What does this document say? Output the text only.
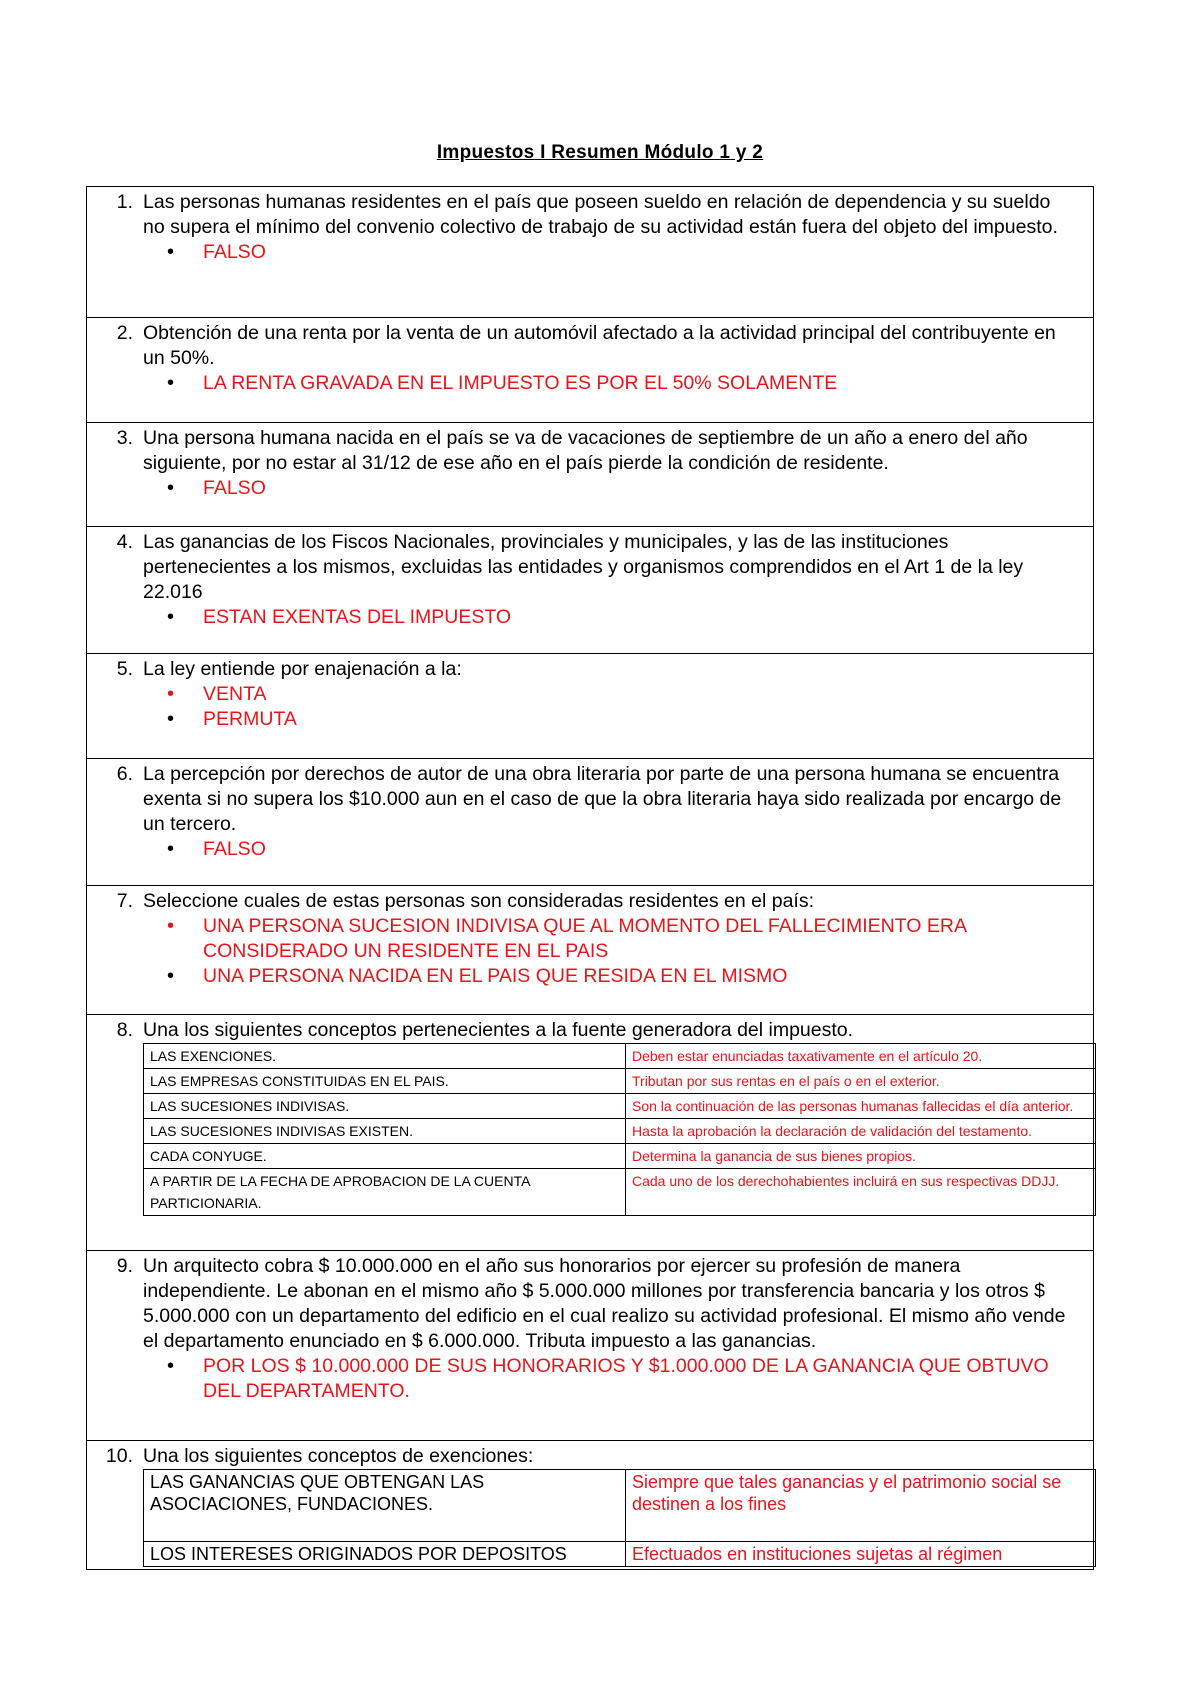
Impuestos I Resumen Módulo 1 y 2
1. Las personas humanas residentes en el país que poseen sueldo en relación de dependencia y su sueldo no supera el mínimo del convenio colectivo de trabajo de su actividad están fuera del objeto del impuesto.
• FALSO

2. Obtención de una renta por la venta de un automóvil afectado a la actividad principal del contribuyente en un 50%.
• LA RENTA GRAVADA EN EL IMPUESTO ES POR EL 50% SOLAMENTE

3. Una persona humana nacida en el país se va de vacaciones de septiembre de un año a enero del año siguiente, por no estar al 31/12 de ese año en el país pierde la condición de residente.
• FALSO

4. Las ganancias de los Fiscos Nacionales, provinciales y municipales, y las de las instituciones pertenecientes a los mismos, excluidas las entidades y organismos comprendidos en el Art 1 de la ley 22.016
• ESTAN EXENTAS DEL IMPUESTO

5. La ley entiende por enajenación a la:
• VENTA
• PERMUTA

6. La percepción por derechos de autor de una obra literaria por parte de una persona humana se encuentra exenta si no supera los $10.000 aun en el caso de que la obra literaria haya sido realizada por encargo de un tercero.
• FALSO

7. Seleccione cuales de estas personas son consideradas residentes en el país:
• UNA PERSONA SUCESION INDIVISA QUE AL MOMENTO DEL FALLECIMIENTO ERA CONSIDERADO UN RESIDENTE EN EL PAIS
• UNA PERSONA NACIDA EN EL PAIS QUE RESIDA EN EL MISMO

8. Una los siguientes conceptos pertenecientes a la fuente generadora del impuesto.
LAS EXENCIONES.	Deben estar enunciadas taxativamente en el artículo 20.
LAS EMPRESAS CONSTITUIDAS EN EL PAIS.	Tributan por sus rentas en el país o en el exterior.
LAS SUCESIONES INDIVISAS.	Son la continuación de las personas humanas fallecidas el día anterior.
LAS SUCESIONES INDIVISAS EXISTEN.	Hasta la aprobación la declaración de validación del testamento.
CADA CONYUGE.	Determina la ganancia de sus bienes propios.
A PARTIR DE LA FECHA DE APROBACION DE LA CUENTA PARTICIONARIA.	Cada uno de los derechohabientes incluirá en sus respectivas DDJJ.

9. Un arquitecto cobra $ 10.000.000 en el año sus honorarios por ejercer su profesión de manera independiente. Le abonan en el mismo año $ 5.000.000 millones por transferencia bancaria y los otros $ 5.000.000 con un departamento del edificio en el cual realizo su actividad profesional. El mismo año vende el departamento enunciado en $ 6.000.000. Tributa impuesto a las ganancias.
• POR LOS $ 10.000.000 DE SUS HONORARIOS Y $1.000.000 DE LA GANANCIA QUE OBTUVO DEL DEPARTAMENTO.

10. Una los siguientes conceptos de exenciones:
LAS GANANCIAS QUE OBTENGAN LAS ASOCIACIONES, FUNDACIONES.	Siempre que tales ganancias y el patrimonio social se destinen a los fines
LOS INTERESES ORIGINADOS POR DEPOSITOS	Efectuados en instituciones sujetas al régimen
